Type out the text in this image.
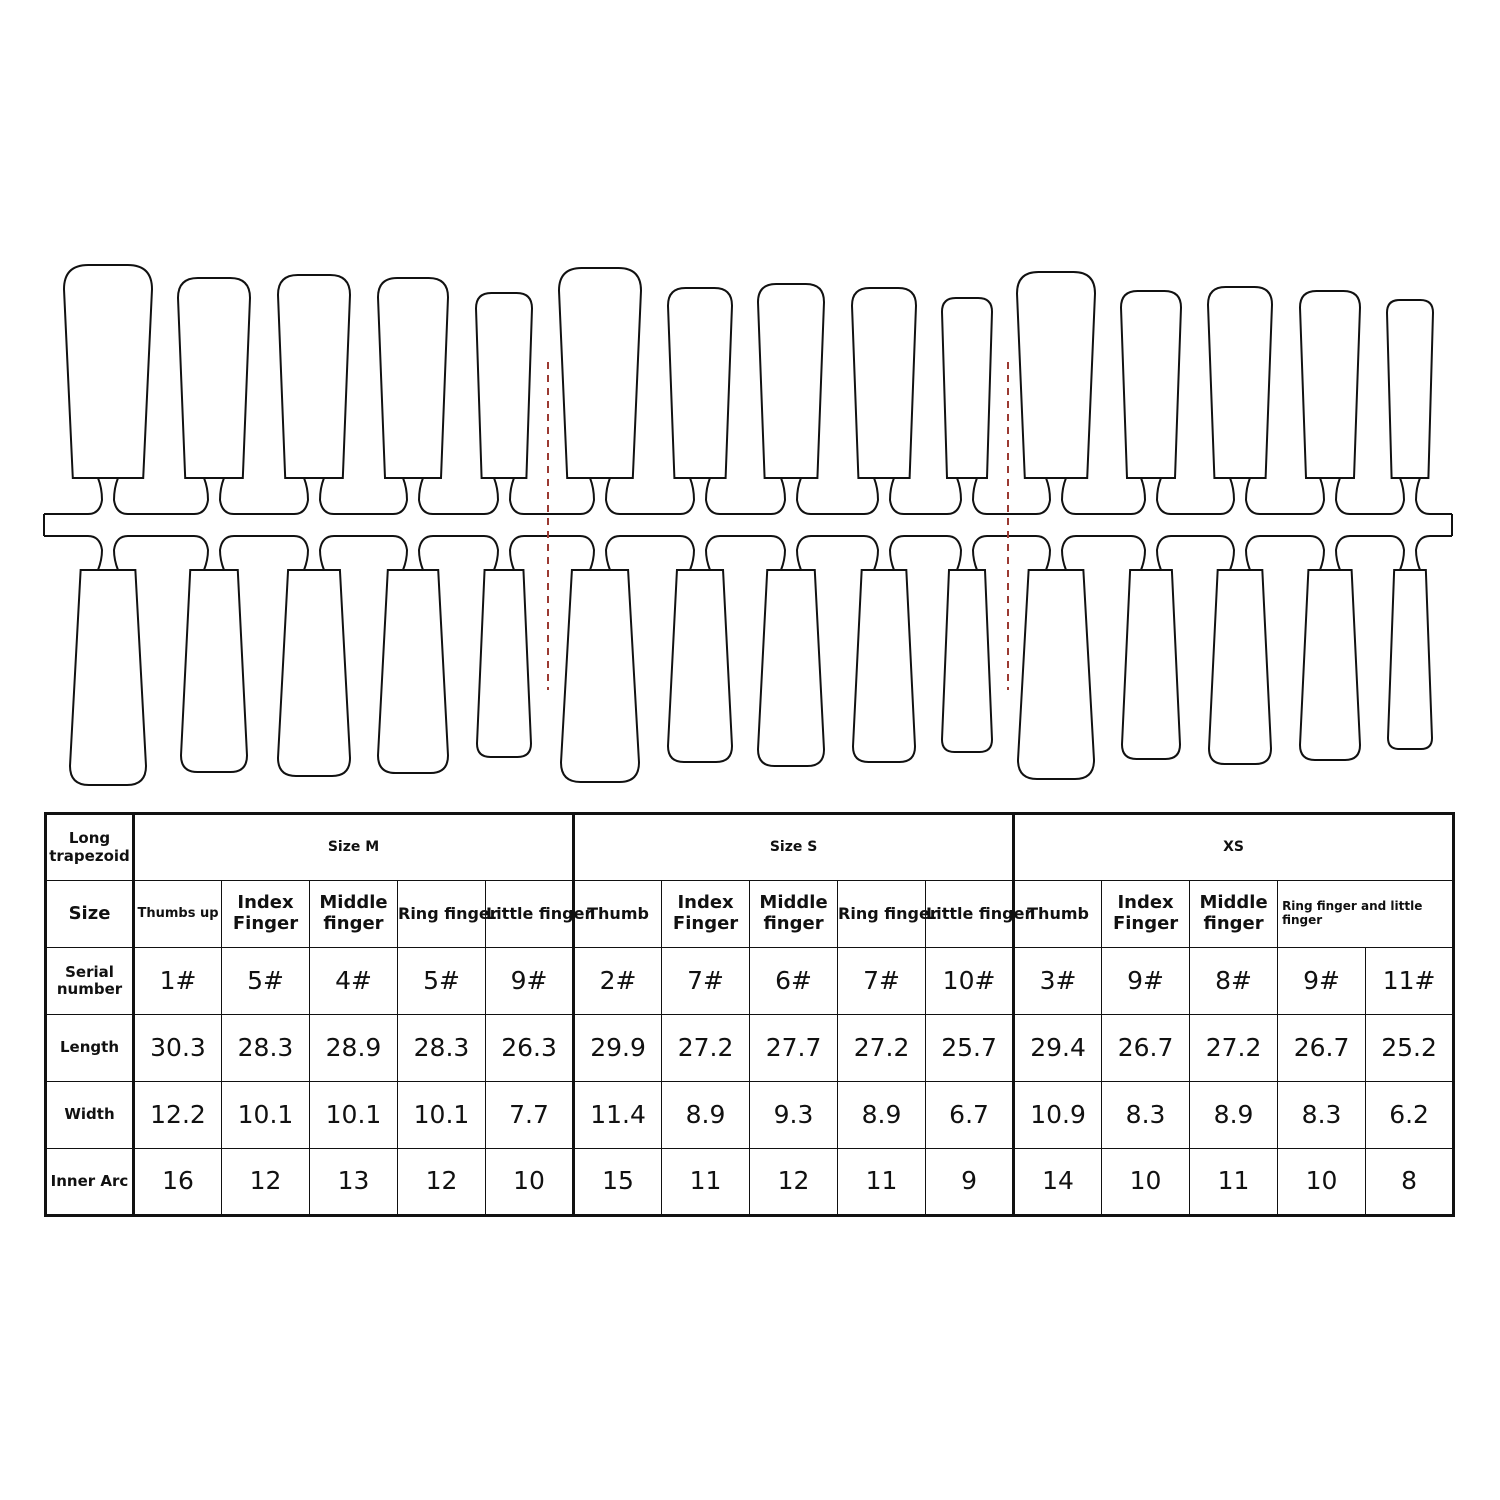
Long trapezoid	Size M					Size S					XS				
Size	Thumbs up	Index Finger	Middle finger	Ring finger	Little finger	Thumb	Index Finger	Middle finger	Ring finger	Little finger	Thumb	Index Finger	Middle finger	Ring finger and little finger	
Serial number	1#	5#	4#	5#	9#	2#	7#	6#	7#	10#	3#	9#	8#	9#	11#
Length	30.3	28.3	28.9	28.3	26.3	29.9	27.2	27.7	27.2	25.7	29.4	26.7	27.2	26.7	25.2
Width	12.2	10.1	10.1	10.1	7.7	11.4	8.9	9.3	8.9	6.7	10.9	8.3	8.9	8.3	6.2
Inner Arc	16	12	13	12	10	15	11	12	11	9	14	10	11	10	8
